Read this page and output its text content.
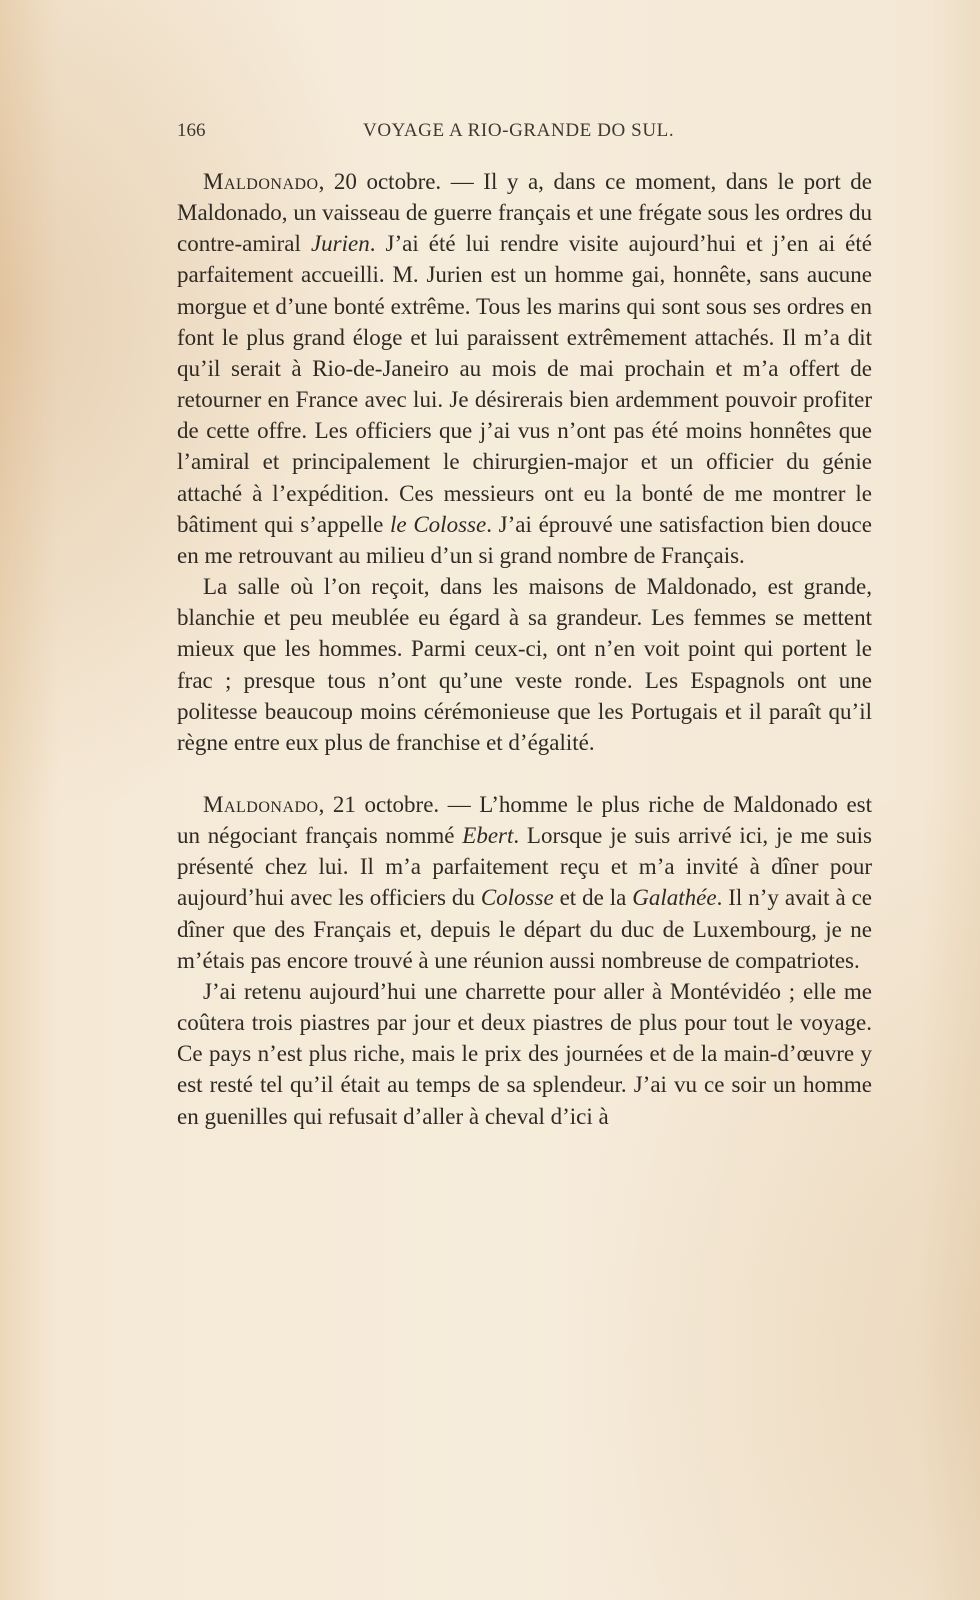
166	VOYAGE A RIO-GRANDE DO SUL.

Maldonado, 20 octobre. — Il y a, dans ce moment, dans le port de Maldonado, un vaisseau de guerre français et une frégate sous les ordres du contre-amiral Jurien. J’ai été lui rendre visite aujourd’hui et j’en ai été parfaitement accueilli. M. Jurien est un homme gai, honnête, sans aucune morgue et d’une bonté extrême. Tous les marins qui sont sous ses ordres en font le plus grand éloge et lui paraissent extrêmement attachés. Il m’a dit qu’il serait à Rio-de-Janeiro au mois de mai prochain et m’a offert de retourner en France avec lui. Je désirerais bien ardemment pouvoir profiter de cette offre. Les officiers que j’ai vus n’ont pas été moins honnêtes que l’amiral et principalement le chirurgien-major et un officier du génie attaché à l’expédition. Ces messieurs ont eu la bonté de me montrer le bâtiment qui s’appelle le Colosse. J’ai éprouvé une satisfaction bien douce en me retrouvant au milieu d’un si grand nombre de Français.

La salle où l’on reçoit, dans les maisons de Maldonado, est grande, blanchie et peu meublée eu égard à sa grandeur. Les femmes se mettent mieux que les hommes. Parmi ceux-ci, ont n’en voit point qui portent le frac ; presque tous n’ont qu’une veste ronde. Les Espagnols ont une politesse beaucoup moins cérémonieuse que les Portugais et il paraît qu’il règne entre eux plus de franchise et d’égalité.

Maldonado, 21 octobre. — L’homme le plus riche de Maldonado est un négociant français nommé Ebert. Lorsque je suis arrivé ici, je me suis présenté chez lui. Il m’a parfaitement reçu et m’a invité à dîner pour aujourd’hui avec les officiers du Colosse et de la Galathée. Il n’y avait à ce dîner que des Français et, depuis le départ du duc de Luxembourg, je ne m’étais pas encore trouvé à une réunion aussi nombreuse de compatriotes.

J’ai retenu aujourd’hui une charrette pour aller à Montévidéo ; elle me coûtera trois piastres par jour et deux piastres de plus pour tout le voyage. Ce pays n’est plus riche, mais le prix des journées et de la main-d’œuvre y est resté tel qu’il était au temps de sa splendeur. J’ai vu ce soir un homme en guenilles qui refusait d’aller à cheval d’ici à
